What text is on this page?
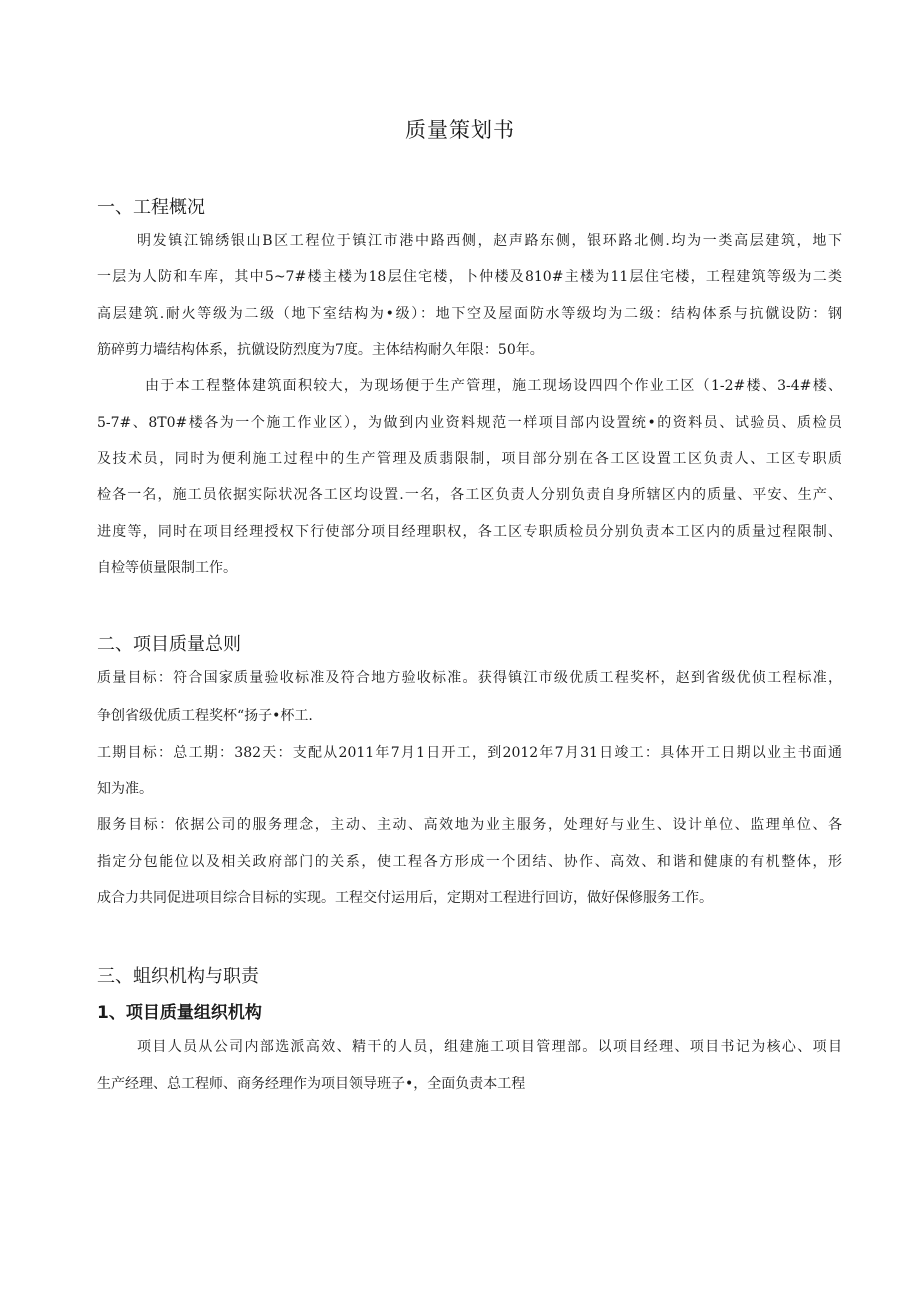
质量策划书
一、工程概况

明发镇江锦绣银山B区工程位于镇江市港中路西侧，赵声路东侧，银环路北侧.均为一类高层建筑，地下

一层为人防和车库，其中5~7#楼主楼为18层住宅楼，卜仲楼及810#主楼为11层住宅楼，工程建筑等级为二类

高层建筑.耐火等级为二级（地下室结构为•级）：地下空及屋面防水等级均为二级：结构体系与抗僦设防：钢

筋碎剪力墙结构体系，抗僦设防烈度为7度。主体结构耐久年限：50年。

由于本工程整体建筑面积较大，为现场便于生产管理，施工现场设四四个作业工区（1-2#楼、3-4#楼、

5-7#、8T0#楼各为一个施工作业区），为做到内业资料规范一样项目部内设置统•的资料员、试验员、质检员

及技术员，同时为便利施工过程中的生产管理及质翡限制，项目部分别在各工区设置工区负责人、工区专职质

检各一名，施工员依据实际状况各工区均设置.一名，各工区负责人分别负责自身所辖区内的质量、平安、生产、

进度等，同时在项目经理授权下行使部分项目经理职权，各工区专职质检员分别负责本工区内的质量过程限制、

自检等侦量限制工作。

二、项目质量总则

质量目标：符合国家质量验收标准及符合地方验收标准。获得镇江市级优质工程奖杯，赵到省级优侦工程标准，

争创省级优质工程奖杯“扬子•杯工.

工期目标：总工期：382天：支配从2011年7月1日开工，到2012年7月31日竣工：具体开工日期以业主书面通

知为准。

服务目标：依据公司的服务理念，主动、主动、高效地为业主服务，处理好与业生、设计单位、监理单位、各

指定分包能位以及相关政府部门的关系，使工程各方形成一个团结、协作、高效、和谐和健康的有机整体，形

成合力共同促进项目综合目标的实现。工程交付运用后，定期对工程进行回访，做好保修服务工作。

三、蛆织机构与职责
1、项目质量组织机构

项目人员从公司内部选派高效、精干的人员，组建施工项目管理部。以项目经理、项目书记为核心、项目

生产经理、总工程师、商务经理作为项目领导班子•，全面负责本工程
